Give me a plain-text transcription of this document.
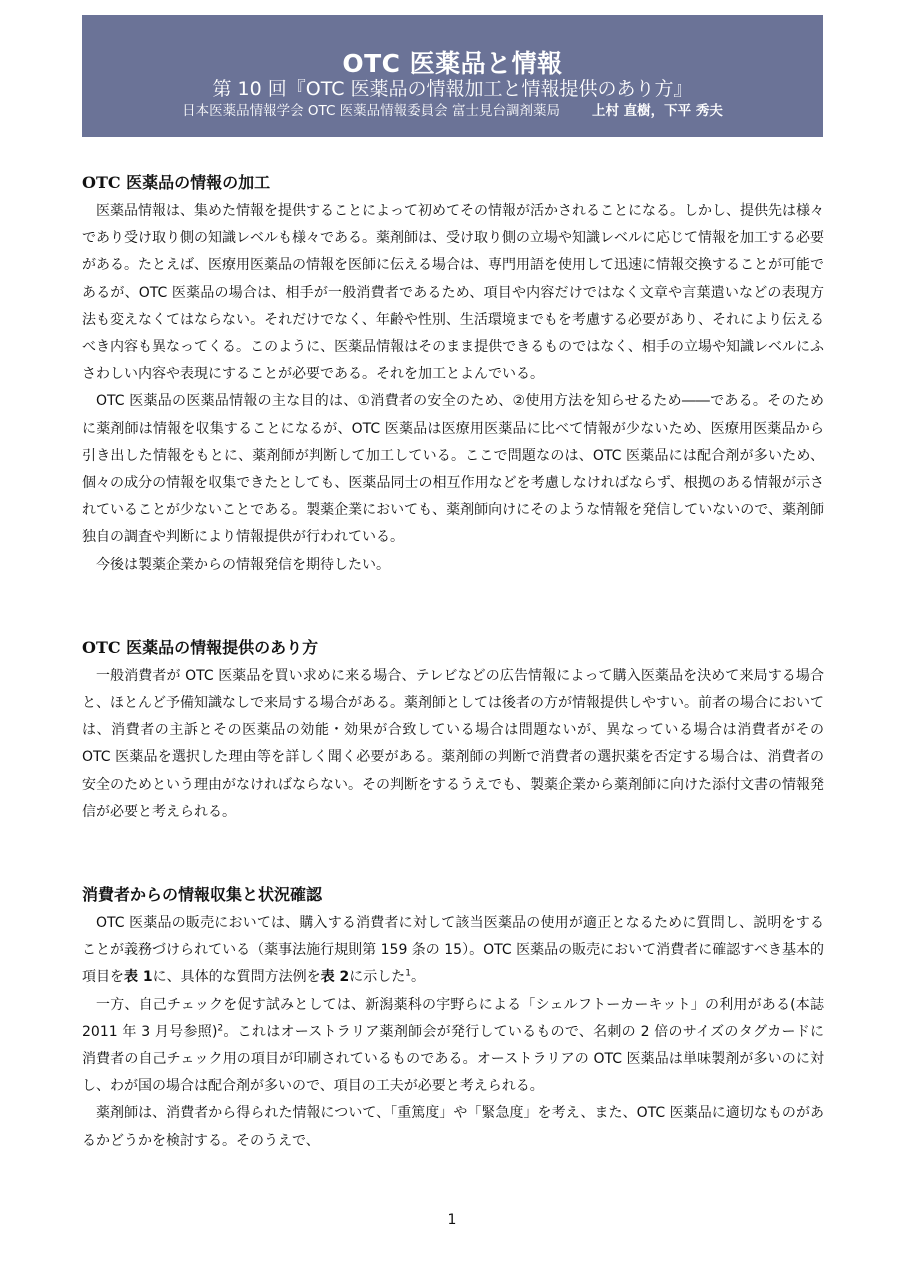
OTC 医薬品と情報
第 10 回『OTC 医薬品の情報加工と情報提供のあり方』
日本医薬品情報学会 OTC 医薬品情報委員会 富士見台調剤薬局 上村 直樹，下平 秀夫
OTC 医薬品の情報の加工

医薬品情報は、集めた情報を提供することによって初めてその情報が活かされることになる。しかし、提供先は様々であり受け取り側の知識レベルも様々である。薬剤師は、受け取り側の立場や知識レベルに応じて情報を加工する必要がある。たとえば、医療用医薬品の情報を医師に伝える場合は、専門用語を使用して迅速に情報交換することが可能であるが、OTC 医薬品の場合は、相手が一般消費者であるため、項目や内容だけではなく文章や言葉遣いなどの表現方法も変えなくてはならない。それだけでなく、年齢や性別、生活環境までもを考慮する必要があり、それにより伝えるべき内容も異なってくる。このように、医薬品情報はそのまま提供できるものではなく、相手の立場や知識レベルにふさわしい内容や表現にすることが必要である。それを加工とよんでいる。

OTC 医薬品の医薬品情報の主な目的は、①消費者の安全のため、②使用方法を知らせるため――である。そのために薬剤師は情報を収集することになるが、OTC 医薬品は医療用医薬品に比べて情報が少ないため、医療用医薬品から引き出した情報をもとに、薬剤師が判断して加工している。ここで問題なのは、OTC 医薬品には配合剤が多いため、個々の成分の情報を収集できたとしても、医薬品同士の相互作用などを考慮しなければならず、根拠のある情報が示されていることが少ないことである。製薬企業においても、薬剤師向けにそのような情報を発信していないので、薬剤師独自の調査や判断により情報提供が行われている。

今後は製薬企業からの情報発信を期待したい。

OTC 医薬品の情報提供のあり方

一般消費者が OTC 医薬品を買い求めに来る場合、テレビなどの広告情報によって購入医薬品を決めて来局する場合と、ほとんど予備知識なしで来局する場合がある。薬剤師としては後者の方が情報提供しやすい。前者の場合においては、消費者の主訴とその医薬品の効能・効果が合致している場合は問題ないが、異なっている場合は消費者がその OTC 医薬品を選択した理由等を詳しく聞く必要がある。薬剤師の判断で消費者の選択薬を否定する場合は、消費者の安全のためという理由がなければならない。その判断をするうえでも、製薬企業から薬剤師に向けた添付文書の情報発信が必要と考えられる。

消費者からの情報収集と状況確認

OTC 医薬品の販売においては、購入する消費者に対して該当医薬品の使用が適正となるために質問し、説明をすることが義務づけられている（薬事法施行規則第 159 条の 15）。OTC 医薬品の販売において消費者に確認すべき基本的項目を表 1に、具体的な質問方法例を表 2に示した$^1$。

一方、自己チェックを促す試みとしては、新潟薬科の宇野らによる「シェルフトーカーキット」の利用がある(本誌 2011 年 3 月号参照)$^2$。これはオーストラリア薬剤師会が発行しているもので、名刺の 2 倍のサイズのタグカードに消費者の自己チェック用の項目が印刷されているものである。オーストラリアの OTC 医薬品は単味製剤が多いのに対し、わが国の場合は配合剤が多いので、項目の工夫が必要と考えられる。

薬剤師は、消費者から得られた情報について、「重篤度」や「緊急度」を考え、また、OTC 医薬品に適切なものがあるかどうかを検討する。そのうえで、

1
